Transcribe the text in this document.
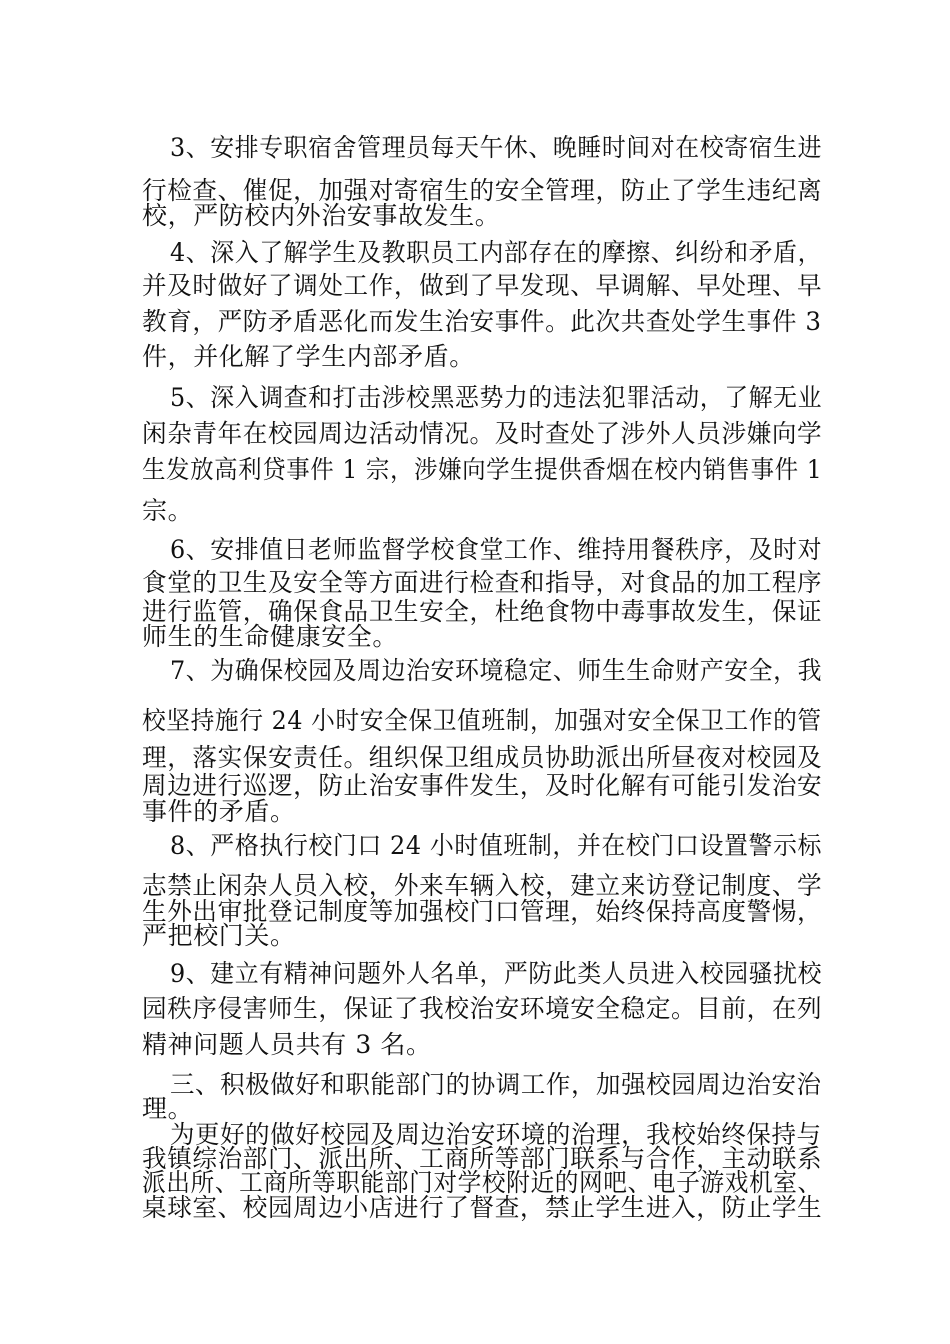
3、安排专职宿舍管理员每天午休、晚睡时间对在校寄宿生进
行检查、催促，加强对寄宿生的安全管理，防止了学生违纪离
校，严防校内外治安事故发生。
4、深入了解学生及教职员工内部存在的摩擦、纠纷和矛盾，
并及时做好了调处工作，做到了早发现、早调解、早处理、早
教育，严防矛盾恶化而发生治安事件。此次共查处学生事件 3
件，并化解了学生内部矛盾。
5、深入调查和打击涉校黑恶势力的违法犯罪活动，了解无业
闲杂青年在校园周边活动情况。及时查处了涉外人员涉嫌向学
生发放高利贷事件 1 宗，涉嫌向学生提供香烟在校内销售事件 1
宗。
6、安排值日老师监督学校食堂工作、维持用餐秩序，及时对
食堂的卫生及安全等方面进行检查和指导，对食品的加工程序
进行监管，确保食品卫生安全，杜绝食物中毒事故发生，保证
师生的生命健康安全。
7、为确保校园及周边治安环境稳定、师生生命财产安全，我
校坚持施行 24 小时安全保卫值班制，加强对安全保卫工作的管
理，落实保安责任。组织保卫组成员协助派出所昼夜对校园及
周边进行巡逻，防止治安事件发生，及时化解有可能引发治安
事件的矛盾。
8、严格执行校门口 24 小时值班制，并在校门口设置警示标
志禁止闲杂人员入校，外来车辆入校，建立来访登记制度、学
生外出审批登记制度等加强校门口管理，始终保持高度警惕，
严把校门关。
9、建立有精神问题外人名单，严防此类人员进入校园骚扰校
园秩序侵害师生，保证了我校治安环境安全稳定。目前，在列
精神问题人员共有 3 名。
三、积极做好和职能部门的协调工作，加强校园周边治安治
理。
为更好的做好校园及周边治安环境的治理，我校始终保持与
我镇综治部门、派出所、工商所等部门联系与合作，主动联系
派出所、工商所等职能部门对学校附近的网吧、电子游戏机室、
桌球室、校园周边小店进行了督查，禁止学生进入，防止学生
